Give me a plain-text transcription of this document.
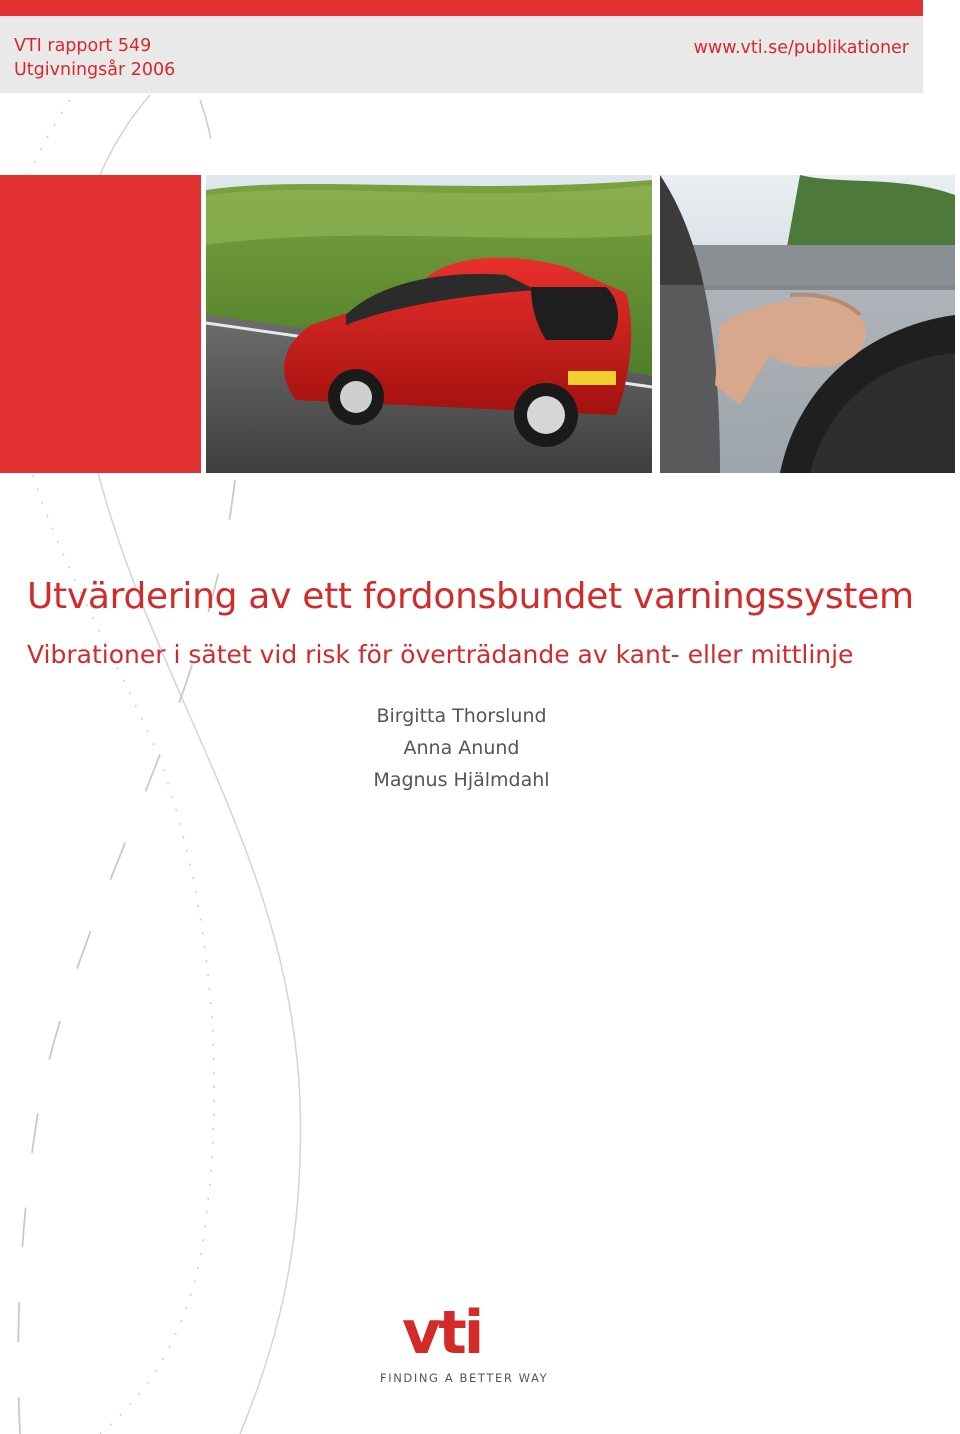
VTI rapport 549
Utgivningsår 2006
www.vti.se/publikationer
Utvärdering av ett fordonsbundet varningssystem
Vibrationer i sätet vid risk för överträdande av kant- eller mittlinje
Birgitta Thorslund
Anna Anund
Magnus Hjälmdahl
vti
FINDING A BETTER WAY
